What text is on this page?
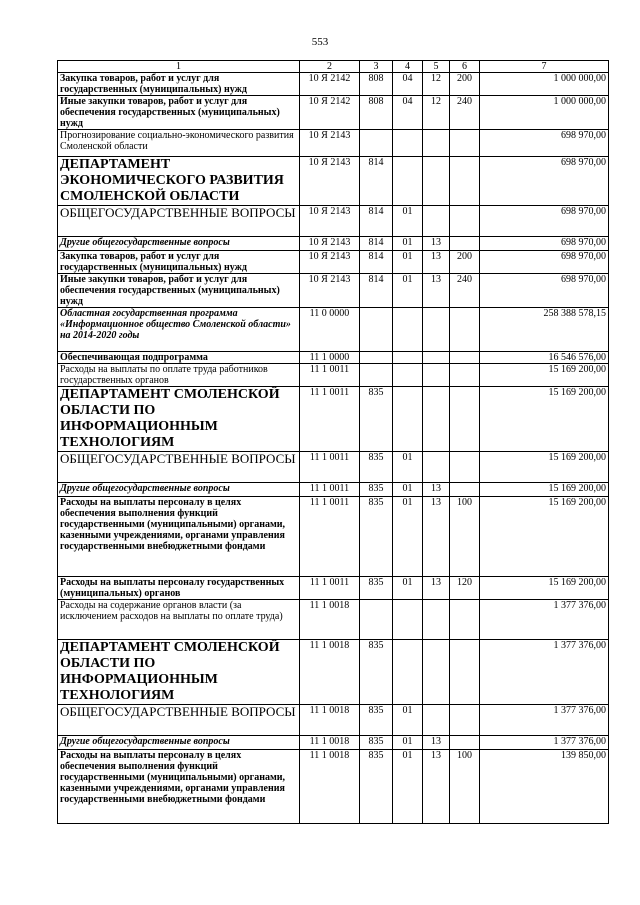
553
1	2	3	4	5	6	7
Закупка товаров, работ и услуг для государственных (муниципальных) нужд	10 Я 2142	808	04	12	200	1 000 000,00
Иные закупки товаров, работ и услуг для обеспечения государственных (муниципальных) нужд	10 Я 2142	808	04	12	240	1 000 000,00
Прогнозирование социально-экономического развития Смоленской области	10 Я 2143					698 970,00
ДЕПАРТАМЕНТ ЭКОНОМИЧЕСКОГО РАЗВИТИЯ СМОЛЕНСКОЙ ОБЛАСТИ	10 Я 2143	814				698 970,00
ОБЩЕГОСУДАРСТВЕННЫЕ ВОПРОСЫ	10 Я 2143	814	01			698 970,00
Другие общегосударственные вопросы	10 Я 2143	814	01	13		698 970,00
Закупка товаров, работ и услуг для государственных (муниципальных) нужд	10 Я 2143	814	01	13	200	698 970,00
Иные закупки товаров, работ и услуг для обеспечения государственных (муниципальных) нужд	10 Я 2143	814	01	13	240	698 970,00
Областная государственная программа «Информационное общество Смоленской области» на 2014-2020 годы	11 0 0000					258 388 578,15
Обеспечивающая подпрограмма	11 1 0000					16 546 576,00
Расходы на выплаты по оплате труда работников государственных органов	11 1 0011					15 169 200,00
ДЕПАРТАМЕНТ СМОЛЕНСКОЙ ОБЛАСТИ ПО ИНФОРМАЦИОННЫМ ТЕХНОЛОГИЯМ	11 1 0011	835				15 169 200,00
ОБЩЕГОСУДАРСТВЕННЫЕ ВОПРОСЫ	11 1 0011	835	01			15 169 200,00
Другие общегосударственные вопросы	11 1 0011	835	01	13		15 169 200,00
Расходы на выплаты персоналу в целях обеспечения выполнения функций государственными (муниципальными) органами, казенными учреждениями, органами управления государственными внебюджетными фондами	11 1 0011	835	01	13	100	15 169 200,00
Расходы на выплаты персоналу государственных (муниципальных) органов	11 1 0011	835	01	13	120	15 169 200,00
Расходы на содержание органов власти (за исключением расходов на выплаты по оплате труда)	11 1 0018					1 377 376,00
ДЕПАРТАМЕНТ СМОЛЕНСКОЙ ОБЛАСТИ ПО ИНФОРМАЦИОННЫМ ТЕХНОЛОГИЯМ	11 1 0018	835				1 377 376,00
ОБЩЕГОСУДАРСТВЕННЫЕ ВОПРОСЫ	11 1 0018	835	01			1 377 376,00
Другие общегосударственные вопросы	11 1 0018	835	01	13		1 377 376,00
Расходы на выплаты персоналу в целях обеспечения выполнения функций государственными (муниципальными) органами, казенными учреждениями, органами управления государственными внебюджетными фондами	11 1 0018	835	01	13	100	139 850,00
